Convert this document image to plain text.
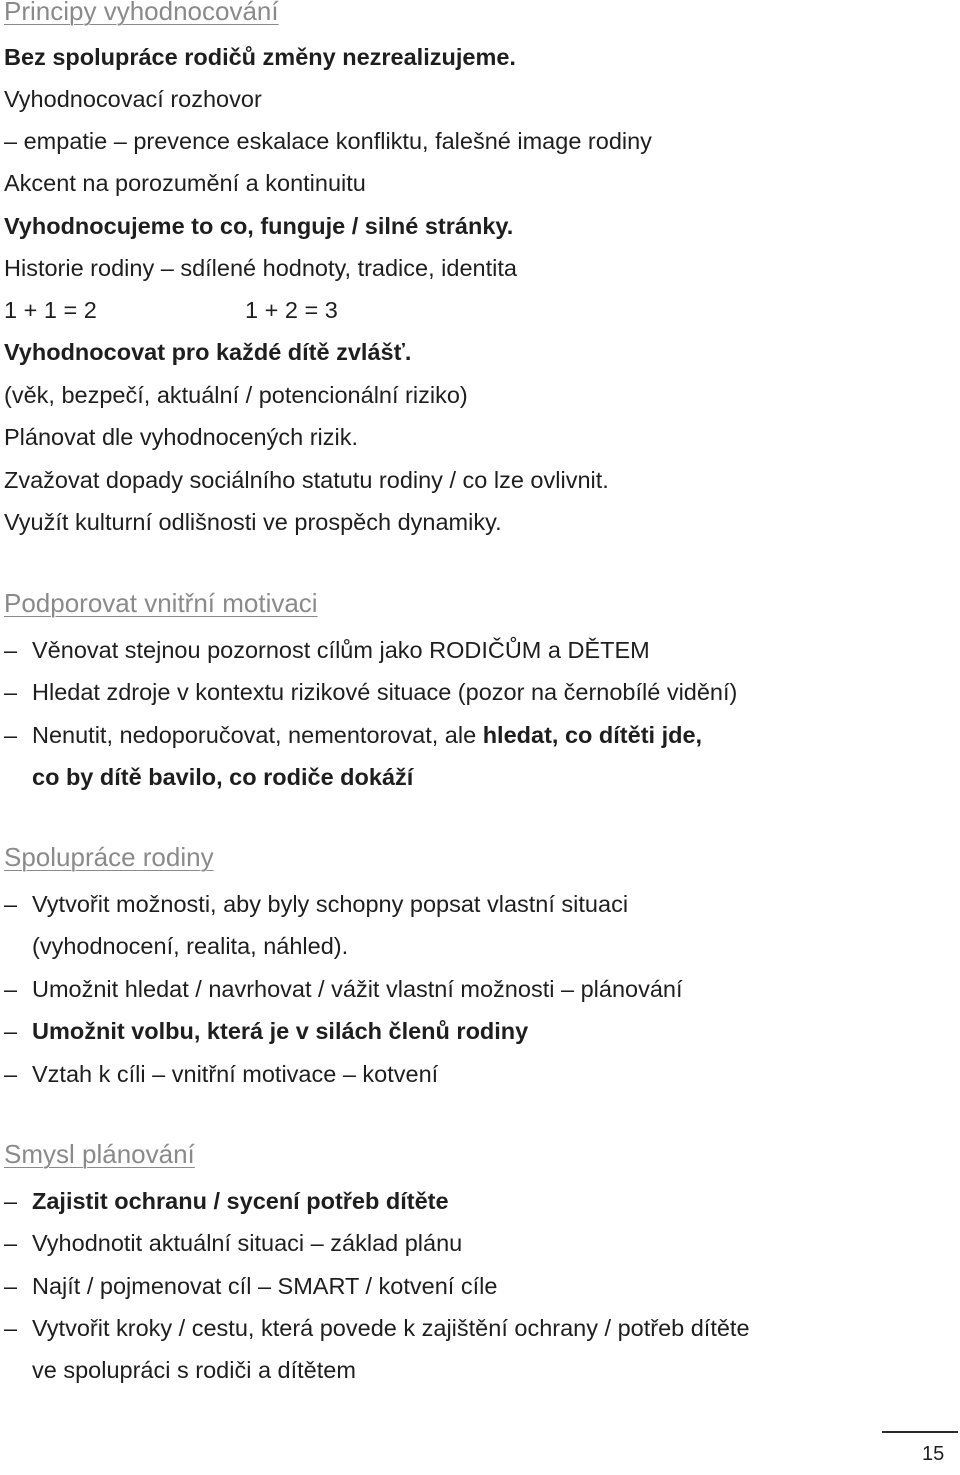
Principy vyhodnocování
Bez spolupráce rodičů změny nezrealizujeme.
Vyhodnocovací rozhovor
– empatie – prevence eskalace konfliktu, falešné image rodiny
Akcent na porozumění a kontinuitu
Vyhodnocujeme to co, funguje / silné stránky.
Historie rodiny – sdílené hodnoty, tradice, identita
1 + 1 = 2	1 + 2 = 3
Vyhodnocovat pro každé dítě zvlášť.
(věk, bezpečí, aktuální / potencionální riziko)
Plánovat dle vyhodnocených rizik.
Zvažovat dopady sociálního statutu rodiny / co lze ovlivnit.
Využít kulturní odlišnosti ve prospěch dynamiky.
Podporovat vnitřní motivaci
– Věnovat stejnou pozornost cílům jako RODIČŮM a DĚTEM
– Hledat zdroje v kontextu rizikové situace (pozor na černobílé vidění)
– Nenutit, nedoporučovat, nementorovat, ale hledat, co dítěti jde,
co by dítě bavilo, co rodiče dokáží
Spolupráce rodiny
– Vytvořit možnosti, aby byly schopny popsat vlastní situaci
(vyhodnocení, realita, náhled).
– Umožnit hledat / navrhovat / vážit vlastní možnosti – plánování
– Umožnit volbu, která je v silách členů rodiny
– Vztah k cíli – vnitřní motivace – kotvení
Smysl plánování
– Zajistit ochranu / sycení potřeb dítěte
– Vyhodnotit aktuální situaci – základ plánu
– Najít / pojmenovat cíl – SMART / kotvení cíle
– Vytvořit kroky / cestu, která povede k zajištění ochrany / potřeb dítěte
ve spolupráci s rodiči a dítětem
15
